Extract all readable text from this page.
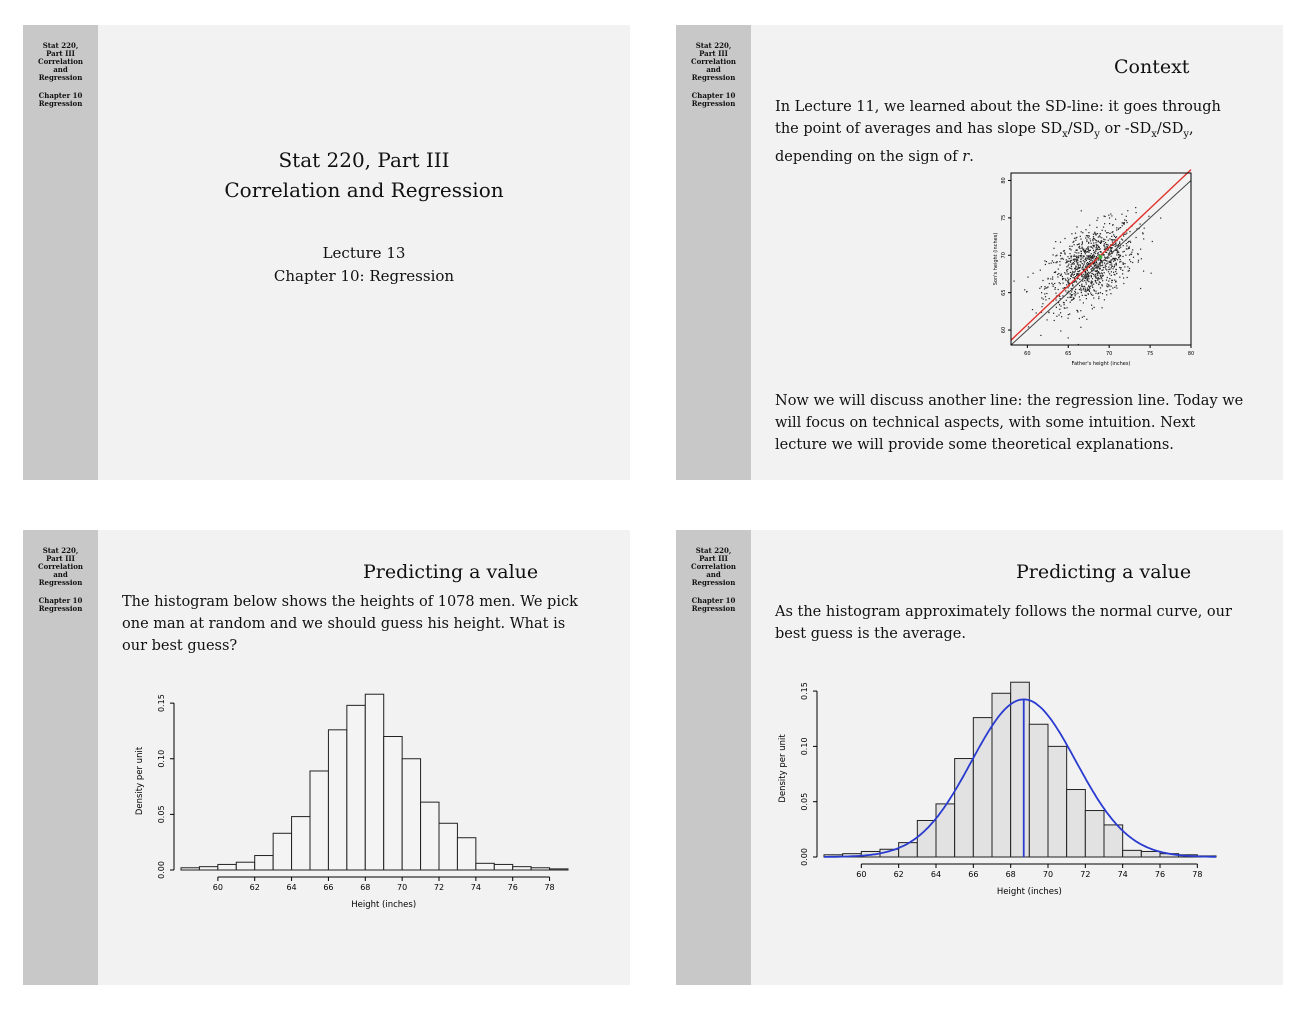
Stat 220,
Part III
Correlation
and
Regression
Chapter 10
Regression
Stat 220, Part III
Correlation and Regression
Lecture 13
Chapter 10: Regression
Stat 220,
Part III
Correlation
and
Regression
Chapter 10
Regression
Context
In Lecture 11, we learned about the SD-line: it goes through
the point of averages and has slope $SD_x/SD_y$ or $-SD_x/SD_y$,
depending on the sign of r.
60	65	70	75	80
60
65
70
75
80
Father's height (inches)
Son's height (inches)
Now we will discuss another line: the regression line. Today we
will focus on technical aspects, with some intuition. Next
lecture we will provide some theoretical explanations.
Stat 220,
Part III
Correlation
and
Regression
Chapter 10
Regression
Predicting a value
The histogram below shows the heights of 1078 men. We pick
one man at random and we should guess his height. What is
our best guess?
60	62	64	66	68	70	72	74	76	78
0.00
0.05
0.10
0.15
Height (inches)
Density per unit
Stat 220,
Part III
Correlation
and
Regression
Chapter 10
Regression
Predicting a value
As the histogram approximately follows the normal curve, our
best guess is the average.
60	62	64	66	68	70	72	74	76	78
0.00
0.05
0.10
0.15
Height (inches)
Density per unit
